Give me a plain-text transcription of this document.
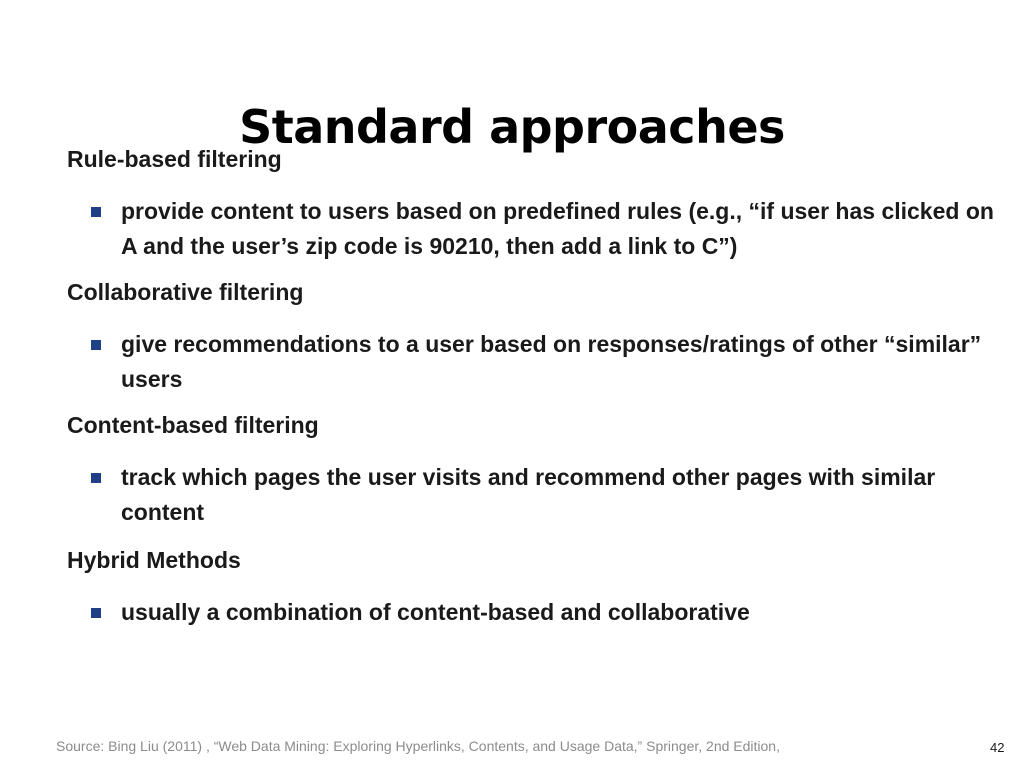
Standard approaches

Rule-based filtering

provide content to users based on predefined rules (e.g., “if user has clicked on A and the user’s zip code is 90210, then add a link to C”)

Collaborative filtering

give recommendations to a user based on responses/ratings of other “similar” users

Content-based filtering

track which pages the user visits and recommend other pages with similar content

Hybrid Methods

usually a combination of content-based and collaborative
Source: Bing Liu (2011) , “Web Data Mining: Exploring Hyperlinks, Contents, and Usage Data,” Springer, 2nd Edition,	42
